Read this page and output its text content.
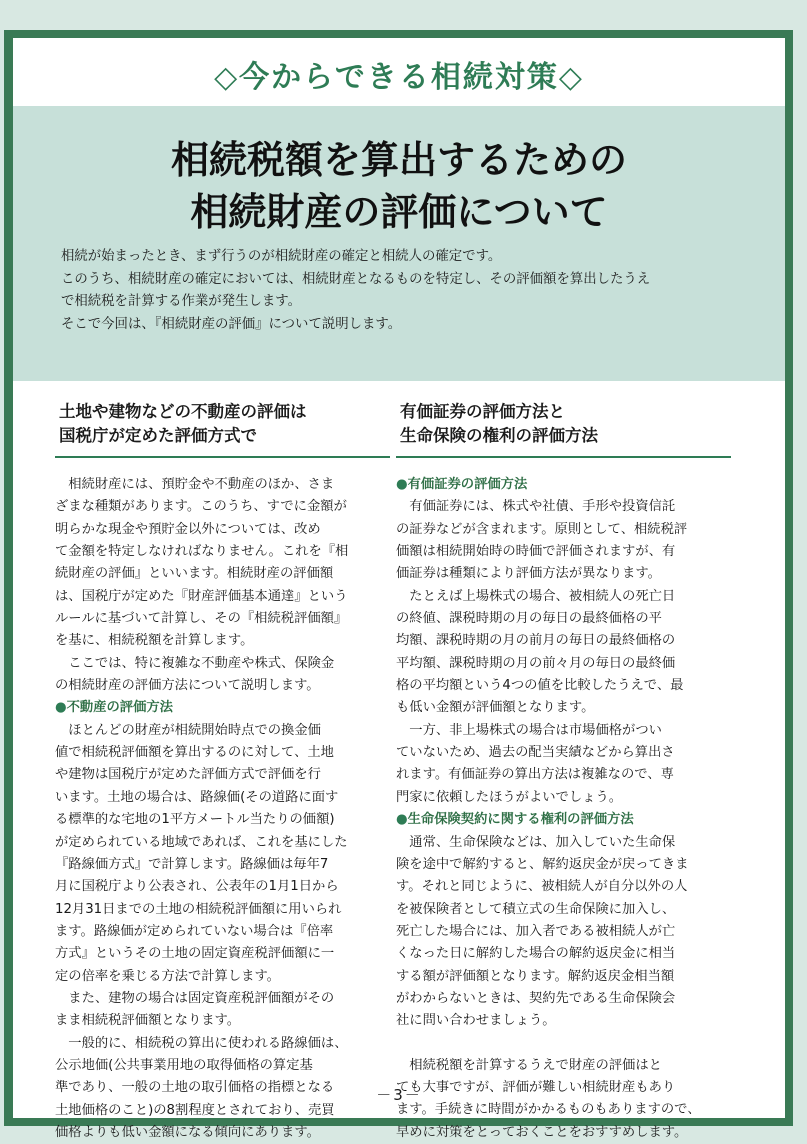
◇今からできる相続対策◇
相続税額を算出するための
相続財産の評価について

相続が始まったとき、まず行うのが相続財産の確定と相続人の確定です。

このうち、相続財産の確定においては、相続財産となるものを特定し、その評価額を算出したうえ

で相続税を計算する作業が発生します。

そこで今回は、『相続財産の評価』について説明します。

土地や建物などの不動産の評価は
国税庁が定めた評価方式で

　相続財産には、預貯金や不動産のほか、さま

ざまな種類があります。このうち、すでに金額が

明らかな現金や預貯金以外については、改め

て金額を特定しなければなりません。これを『相

続財産の評価』といいます。相続財産の評価額

は、国税庁が定めた『財産評価基本通達』という

ルールに基づいて計算し、その『相続税評価額』

を基に、相続税額を計算します。

　ここでは、特に複雑な不動産や株式、保険金

の相続財産の評価方法について説明します。

●不動産の評価方法

　ほとんどの財産が相続開始時点での換金価

値で相続税評価額を算出するのに対して、土地

や建物は国税庁が定めた評価方式で評価を行

います。土地の場合は、路線価(その道路に面す

る標準的な宅地の1平方メートル当たりの価額)

が定められている地域であれば、これを基にした

『路線価方式』で計算します。路線価は毎年7

月に国税庁より公表され、公表年の1月1日から

12月31日までの土地の相続税評価額に用いられ

ます。路線価が定められていない場合は『倍率

方式』というその土地の固定資産税評価額に一

定の倍率を乗じる方法で計算します。

　また、建物の場合は固定資産税評価額がその

まま相続税評価額となります。

　一般的に、相続税の算出に使われる路線価は、

公示地価(公共事業用地の取得価格の算定基

準であり、一般の土地の取引価格の指標となる

土地価格のこと)の8割程度とされており、売買

価格よりも低い金額になる傾向にあります。

有価証券の評価方法と
生命保険の権利の評価方法

●有価証券の評価方法

　有価証券には、株式や社債、手形や投資信託

の証券などが含まれます。原則として、相続税評

価額は相続開始時の時価で評価されますが、有

価証券は種類により評価方法が異なります。

　たとえば上場株式の場合、被相続人の死亡日

の終値、課税時期の月の毎日の最終価格の平

均額、課税時期の月の前月の毎日の最終価格の

平均額、課税時期の月の前々月の毎日の最終価

格の平均額という4つの値を比較したうえで、最

も低い金額が評価額となります。

　一方、非上場株式の場合は市場価格がつい

ていないため、過去の配当実績などから算出さ

れます。有価証券の算出方法は複雑なので、専

門家に依頼したほうがよいでしょう。

●生命保険契約に関する権利の評価方法

　通常、生命保険などは、加入していた生命保

険を途中で解約すると、解約返戻金が戻ってきま

す。それと同じように、被相続人が自分以外の人

を被保険者として積立式の生命保険に加入し、

死亡した場合には、加入者である被相続人が亡

くなった日に解約した場合の解約返戻金に相当

する額が評価額となります。解約返戻金相当額

がわからないときは、契約先である生命保険会

社に問い合わせましょう。

　相続税額を計算するうえで財産の評価はと

ても大事ですが、評価が難しい相続財産もあり

ます。手続きに時間がかかるものもありますので、

早めに対策をとっておくことをおすすめします。

－3－
